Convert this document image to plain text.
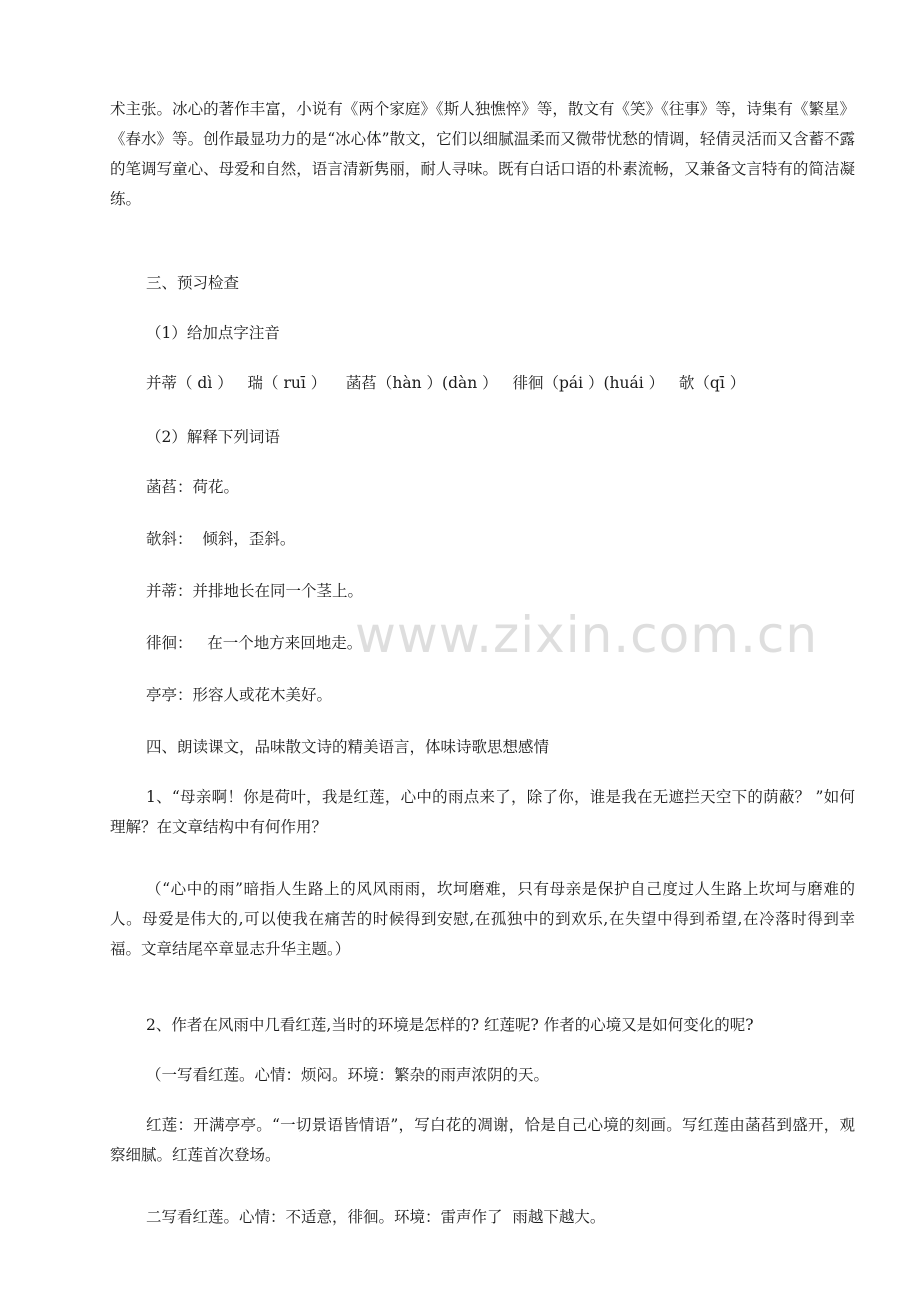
www.zixin.com.cn

术主张。冰心的著作丰富，小说有《两个家庭》《斯人独憔悴》等，散文有《笑》《往事》等，诗集有《繁星》《春水》等。创作最显功力的是“冰心体”散文，它们以细腻温柔而又微带忧愁的情调，轻倩灵活而又含蓄不露的笔调写童心、母爱和自然，语言清新隽丽，耐人寻味。既有白话口语的朴素流畅，又兼备文言特有的简洁凝练。

三、预习检查

（1）给加点字注音

并蒂（ dì ）   瑞（ ruī ）    菡萏（hàn ）(dàn ）   徘徊（pái ）(huái ）   欹（qī ）

（2）解释下列词语

菡萏：荷花。

欹斜：  倾斜，歪斜。

并蒂：并排地长在同一个茎上。

徘徊：   在一个地方来回地走。

亭亭：形容人或花木美好。

四、朗读课文，品味散文诗的精美语言，体味诗歌思想感情

1、“母亲啊！你是荷叶，我是红莲，心中的雨点来了，除了你，谁是我在无遮拦天空下的荫蔽？ ”如何理解？在文章结构中有何作用？

（“心中的雨”暗指人生路上的风风雨雨，坎坷磨难，只有母亲是保护自己度过人生路上坎坷与磨难的人。母爱是伟大的,可以使我在痛苦的时候得到安慰,在孤独中的到欢乐,在失望中得到希望,在冷落时得到幸福。文章结尾卒章显志升华主题。）

2、作者在风雨中几看红莲,当时的环境是怎样的? 红莲呢? 作者的心境又是如何变化的呢?

（一写看红莲。心情：烦闷。环境：繁杂的雨声浓阴的天。

红莲：开满亭亭。“一切景语皆情语”，写白花的凋谢，恰是自己心境的刻画。写红莲由菡萏到盛开，观察细腻。红莲首次登场。

二写看红莲。心情：不适意，徘徊。环境：雷声作了  雨越下越大。
